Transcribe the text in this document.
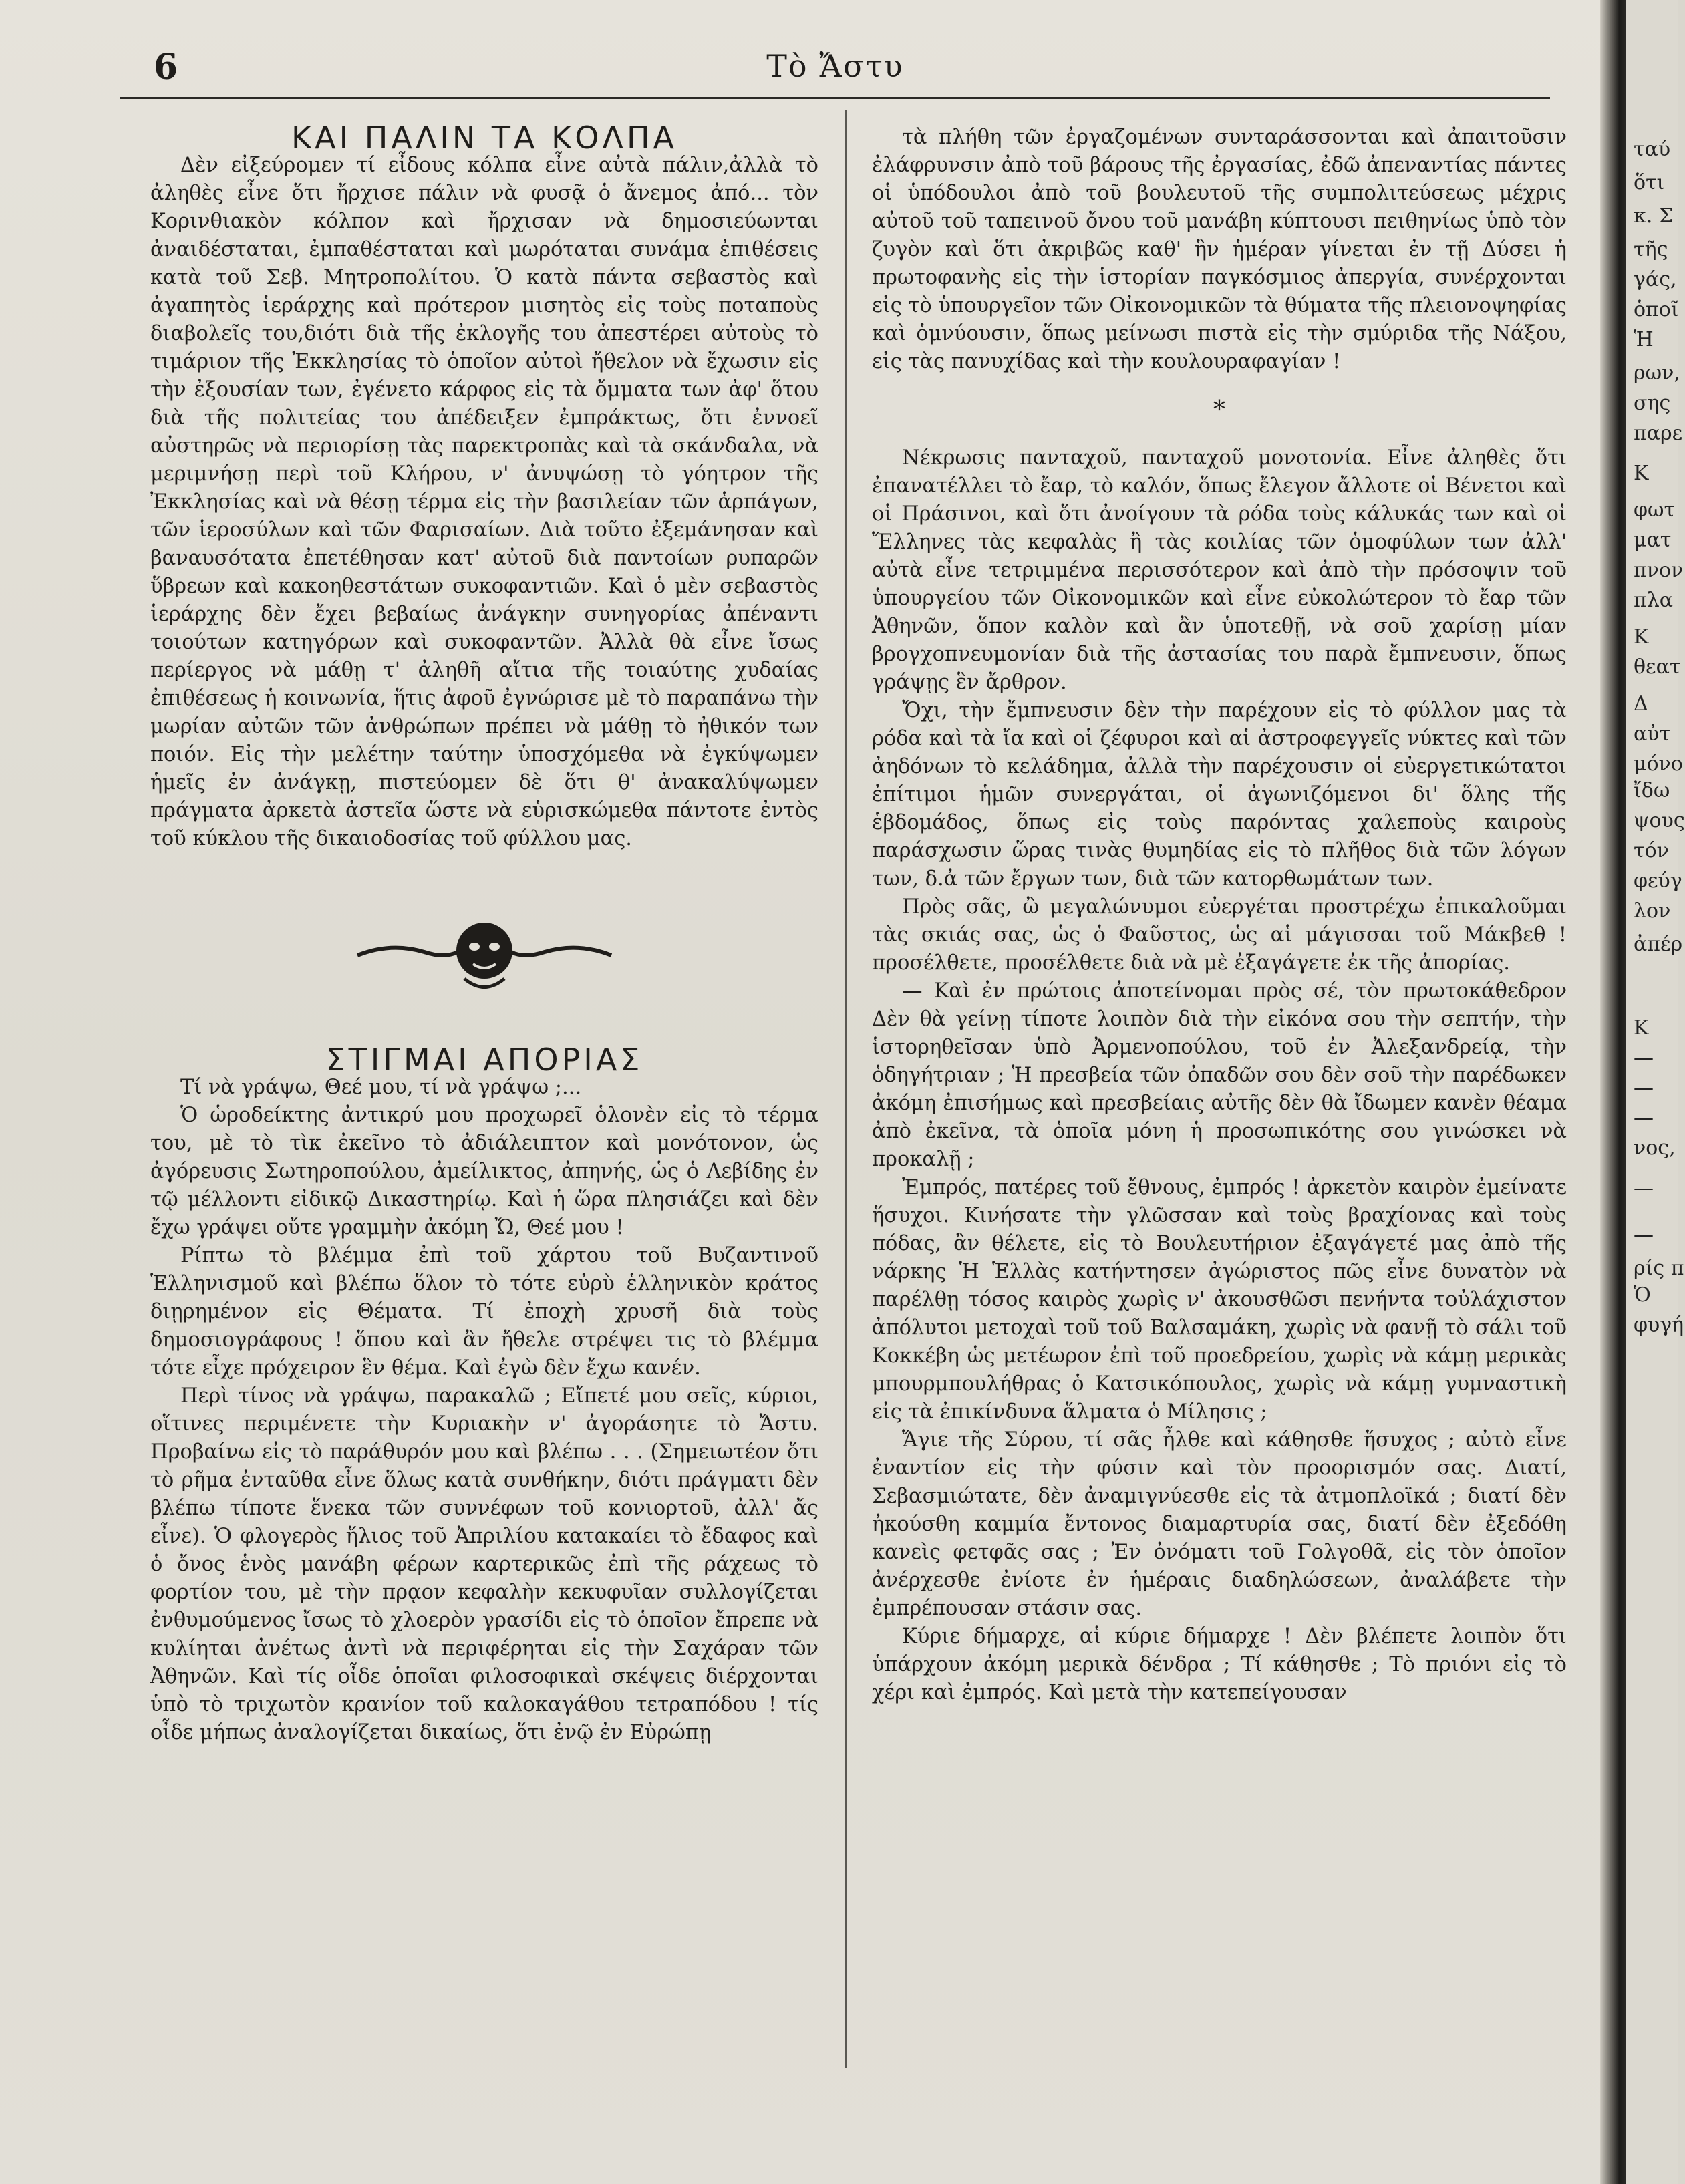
6	Τὸ Ἄστυ

ΚΑΙ ΠΑΛΙΝ ΤΑ ΚΟΛΠΑ

Δὲν εἰξεύρομεν τί εἶδους κόλπα εἶνε αὐτὰ πάλιν,ἀλλὰ τὸ ἀληθὲς εἶνε ὅτι ἤρχισε πάλιν νὰ φυσᾷ ὁ ἄνεμος ἀπό... τὸν Κορινθιακὸν κόλπον καὶ ἤρχισαν νὰ δημοσιεύωνται ἀναιδέσταται, ἐμπαθέσταται καὶ μωρόταται συνάμα ἐπιθέσεις κατὰ τοῦ Σεβ. Μητροπολίτου. Ὁ κατὰ πάντα σεβαστὸς καὶ ἀγαπητὸς ἱεράρχης καὶ πρότερον μισητὸς εἰς τοὺς ποταποὺς διαβολεῖς του,διότι διὰ τῆς ἐκλογῆς του ἀπεστέρει αὐτοὺς τὸ τιμάριον τῆς Ἐκκλησίας τὸ ὁποῖον αὐτοὶ ἤθελον νὰ ἔχωσιν εἰς τὴν ἐξουσίαν των, ἐγένετο κάρφος εἰς τὰ ὄμματα των ἀφ' ὅτου διὰ τῆς πολιτείας του ἀπέδειξεν ἐμπράκτως, ὅτι ἐννοεῖ αὐστηρῶς νὰ περιορίσῃ τὰς παρεκτροπὰς καὶ τὰ σκάνδαλα, νὰ μεριμνήσῃ περὶ τοῦ Κλήρου, ν' ἀνυψώσῃ τὸ γόητρον τῆς Ἐκκλησίας καὶ νὰ θέσῃ τέρμα εἰς τὴν βασιλείαν τῶν ἁρπάγων, τῶν ἱεροσύλων καὶ τῶν Φαρισαίων. Διὰ τοῦτο ἐξεμάνησαν καὶ βαναυσότατα ἐπετέθησαν κατ' αὐτοῦ διὰ παντοίων ρυπαρῶν ὕβρεων καὶ κακοηθεστάτων συκοφαντιῶν. Καὶ ὁ μὲν σεβαστὸς ἱεράρχης δὲν ἔχει βεβαίως ἀνάγκην συνηγορίας ἀπέναντι τοιούτων κατηγόρων καὶ συκοφαντῶν. Ἀλλὰ θὰ εἶνε ἴσως περίεργος νὰ μάθῃ τ' ἀληθῆ αἴτια τῆς τοιαύτης χυδαίας ἐπιθέσεως ἡ κοινωνία, ἥτις ἀφοῦ ἐγνώρισε μὲ τὸ παραπάνω τὴν μωρίαν αὐτῶν τῶν ἀνθρώπων πρέπει νὰ μάθῃ τὸ ἠθικόν των ποιόν. Εἰς τὴν μελέτην ταύτην ὑποσχόμεθα νὰ ἐγκύψωμεν ἡμεῖς ἐν ἀνάγκῃ, πιστεύομεν δὲ ὅτι θ' ἀνακαλύψωμεν πράγματα ἀρκετὰ ἀστεῖα ὥστε νὰ εὑρισκώμεθα πάντοτε ἐντὸς τοῦ κύκλου τῆς δικαιοδοσίας τοῦ φύλλου μας.

ΣΤΙΓΜΑΙ ΑΠΟΡΙΑΣ

Τί νὰ γράψω, Θεέ μου, τί νὰ γράψω ;...

Ὁ ὡροδείκτης ἀντικρύ μου προχωρεῖ ὁλονὲν εἰς τὸ τέρμα του, μὲ τὸ τὶκ ἐκεῖνο τὸ ἀδιάλειπτον καὶ μονότονον, ὡς ἀγόρευσις Σωτηροπούλου, ἀμείλικτος, ἀπηνής, ὡς ὁ Λεβίδης ἐν τῷ μέλλοντι εἰδικῷ Δικαστηρίῳ. Καὶ ἡ ὥρα πλησιάζει καὶ δὲν ἔχω γράψει οὔτε γραμμὴν ἀκόμη Ὤ, Θεέ μου !

Ρίπτω τὸ βλέμμα ἐπὶ τοῦ χάρτου τοῦ Βυζαντινοῦ Ἑλληνισμοῦ καὶ βλέπω ὅλον τὸ τότε εὐρὺ ἑλληνικὸν κράτος διῃρημένον εἰς Θέματα. Τί ἐποχὴ χρυσῆ διὰ τοὺς δημοσιογράφους ! ὅπου καὶ ἂν ἤθελε στρέψει τις τὸ βλέμμα τότε εἶχε πρόχειρον ἓν θέμα. Καὶ ἐγὼ δὲν ἔχω κανέν.

Περὶ τίνος νὰ γράψω, παρακαλῶ ; Εἴπετέ μου σεῖς, κύριοι, οἵτινες περιμένετε τὴν Κυριακὴν ν' ἀγοράσητε τὸ Ἄστυ. Προβαίνω εἰς τὸ παράθυρόν μου καὶ βλέπω . . . (Σημειωτέον ὅτι τὸ ρῆμα ἐνταῦθα εἶνε ὅλως κατὰ συνθήκην, διότι πράγματι δὲν βλέπω τίποτε ἕνεκα τῶν συννέφων τοῦ κονιορτοῦ, ἀλλ' ἄς εἶνε). Ὁ φλογερὸς ἥλιος τοῦ Ἀπριλίου κατακαίει τὸ ἔδαφος καὶ ὁ ὄνος ἑνὸς μανάβη φέρων καρτερικῶς ἐπὶ τῆς ράχεως τὸ φορτίον του, μὲ τὴν πρᾳον κεφαλὴν κεκυφυῖαν συλλογίζεται ἐνθυμούμενος ἴσως τὸ χλοερὸν γρασίδι εἰς τὸ ὁποῖον ἔπρεπε νὰ κυλίηται ἀνέτως ἀντὶ νὰ περιφέρηται εἰς τὴν Σαχάραν τῶν Ἀθηνῶν. Καὶ τίς οἶδε ὁποῖαι φιλοσοφικαὶ σκέψεις διέρχονται ὑπὸ τὸ τριχωτὸν κρανίον τοῦ καλοκαγάθου τετραπόδου ! τίς οἶδε μήπως ἀναλογίζεται δικαίως, ὅτι ἐνῷ ἐν Εὐρώπῃ

τὰ πλήθη τῶν ἐργαζομένων συνταράσσονται καὶ ἀπαιτοῦσιν ἐλάφρυνσιν ἀπὸ τοῦ βάρους τῆς ἐργασίας, ἐδῶ ἀπεναντίας πάντες οἱ ὑπόδουλοι ἀπὸ τοῦ βουλευτοῦ τῆς συμπολιτεύσεως μέχρις αὐτοῦ τοῦ ταπεινοῦ ὄνου τοῦ μανάβη κύπτουσι πειθηνίως ὑπὸ τὸν ζυγὸν καὶ ὅτι ἀκριβῶς καθ' ἣν ἡμέραν γίνεται ἐν τῇ Δύσει ἡ πρωτοφανὴς εἰς τὴν ἱστορίαν παγκόσμιος ἀπεργία, συνέρχονται εἰς τὸ ὑπουργεῖον τῶν Οἰκονομικῶν τὰ θύματα τῆς πλειονοψηφίας καὶ ὁμνύουσιν, ὅπως μείνωσι πιστὰ εἰς τὴν σμύριδα τῆς Νάξου, εἰς τὰς πανυχίδας καὶ τὴν κουλουραφαγίαν !

*

Νέκρωσις πανταχοῦ, πανταχοῦ μονοτονία. Εἶνε ἀληθὲς ὅτι ἐπανατέλλει τὸ ἔαρ, τὸ καλόν, ὅπως ἔλεγον ἄλλοτε οἱ Βένετοι καὶ οἱ Πράσινοι, καὶ ὅτι ἀνοίγουν τὰ ρόδα τοὺς κάλυκάς των καὶ οἱ Ἕλληνες τὰς κεφαλὰς ἢ τὰς κοιλίας τῶν ὁμοφύλων των ἀλλ' αὐτὰ εἶνε τετριμμένα περισσότερον καὶ ἀπὸ τὴν πρόσοψιν τοῦ ὑπουργείου τῶν Οἰκονομικῶν καὶ εἶνε εὐκολώτερον τὸ ἔαρ τῶν Ἀθηνῶν, ὅπον καλὸν καὶ ἂν ὑποτεθῇ, νὰ σοῦ χαρίσῃ μίαν βρογχοπνευμονίαν διὰ τῆς ἀστασίας του παρὰ ἔμπνευσιν, ὅπως γράψῃς ἓν ἄρθρον.

Ὄχι, τὴν ἔμπνευσιν δὲν τὴν παρέχουν εἰς τὸ φύλλον μας τὰ ρόδα καὶ τὰ ἴα καὶ οἱ ζέφυροι καὶ αἱ ἀστροφεγγεῖς νύκτες καὶ τῶν ἀηδόνων τὸ κελάδημα, ἀλλὰ τὴν παρέχουσιν οἱ εὐεργετικώτατοι ἐπίτιμοι ἡμῶν συνεργάται, οἱ ἀγωνιζόμενοι δι' ὅλης τῆς ἑβδομάδος, ὅπως εἰς τοὺς παρόντας χαλεποὺς καιροὺς παράσχωσιν ὥρας τινὰς θυμηδίας εἰς τὸ πλῆθος διὰ τῶν λόγων των, δ.ἀ τῶν ἔργων των, διὰ τῶν κατορθωμάτων των.

Πρὸς σᾶς, ὢ μεγαλώνυμοι εὐεργέται προστρέχω ἐπικαλοῦμαι τὰς σκιάς σας, ὡς ὁ Φαῦστος, ὡς αἱ μάγισσαι τοῦ Μάκβεθ ! προσέλθετε, προσέλθετε διὰ νὰ μὲ ἐξαγάγετε ἐκ τῆς ἀπορίας.

— Καὶ ἐν πρώτοις ἀποτείνομαι πρὸς σέ, τὸν πρωτοκάθεδρον Δὲν θὰ γείνῃ τίποτε λοιπὸν διὰ τὴν εἰκόνα σου τὴν σεπτήν, τὴν ἱστορηθεῖσαν ὑπὸ Ἀρμενοπούλου, τοῦ ἐν Ἀλεξανδρείᾳ, τὴν ὁδηγήτριαν ; Ἡ πρεσβεία τῶν ὀπαδῶν σου δὲν σοῦ τὴν παρέδωκεν ἀκόμη ἐπισήμως καὶ πρεσβείαις αὐτῆς δὲν θὰ ἴδωμεν κανὲν θέαμα ἀπὸ ἐκεῖνα, τὰ ὁποῖα μόνη ἡ προσωπικότης σου γινώσκει νὰ προκαλῇ ;

Ἐμπρός, πατέρες τοῦ ἔθνους, ἐμπρός ! ἀρκετὸν καιρὸν ἐμείνατε ἥσυχοι. Κινήσατε τὴν γλῶσσαν καὶ τοὺς βραχίονας καὶ τοὺς πόδας, ἂν θέλετε, εἰς τὸ Βουλευτήριον ἐξαγάγετέ μας ἀπὸ τῆς νάρκης Ἡ Ἑλλὰς κατήντησεν ἀγώριστος πῶς εἶνε δυνατὸν νὰ παρέλθῃ τόσος καιρὸς χωρὶς ν' ἀκουσθῶσι πενήντα τοὐλάχιστον ἀπόλυτοι μετοχαὶ τοῦ τοῦ Βαλσαμάκη, χωρὶς νὰ φανῇ τὸ σάλι τοῦ Κοκκέβη ὡς μετέωρον ἐπὶ τοῦ προεδρείου, χωρὶς νὰ κάμῃ μερικὰς μπουρμπουλήθρας ὁ Κατσικόπουλος, χωρὶς νὰ κάμῃ γυμναστικὴ εἰς τὰ ἐπικίνδυνα ἅλματα ὁ Μίλησις ;

Ἅγιε τῆς Σύρου, τί σᾶς ἦλθε καὶ κάθησθε ἥσυχος ; αὐτὸ εἶνε ἐναντίον εἰς τὴν φύσιν καὶ τὸν προορισμόν σας. Διατί, Σεβασμιώτατε, δὲν ἀναμιγνύεσθε εἰς τὰ ἀτμοπλοϊκά ; διατί δὲν ἠκούσθη καμμία ἔντονος διαμαρτυρία σας, διατί δὲν ἐξεδόθη κανεὶς φετφᾶς σας ; Ἐν ὀνόματι τοῦ Γολγοθᾶ, εἰς τὸν ὁποῖον ἀνέρχεσθε ἐνίοτε ἐν ἡμέραις διαδηλώσεων, ἀναλάβετε τὴν ἐμπρέπουσαν στάσιν σας.

Κύριε δήμαρχε, αἱ κύριε δήμαρχε ! Δὲν βλέπετε λοιπὸν ὅτι ὑπάρχουν ἀκόμη μερικὰ δένδρα ; Τί κάθησθε ; Τὸ πριόνι εἰς τὸ χέρι καὶ ἐμπρός. Καὶ μετὰ τὴν κατεπείγουσαν

ταύ
ὅτι
κ. Σ
τῆς
γάς,
ὁποῖ
Ἡ
ρων,
σης
παρε
Κ
φωτ
ματ
πνον
πλα
Κ
θεατ
Δ
αὐτ
μόνο
ἴδω
ψους
τόν
φεύγ
λον
ἀπέρ
Κ
—
—
—
νος,
—
—
ρίς π
Ὁ
φυγή
